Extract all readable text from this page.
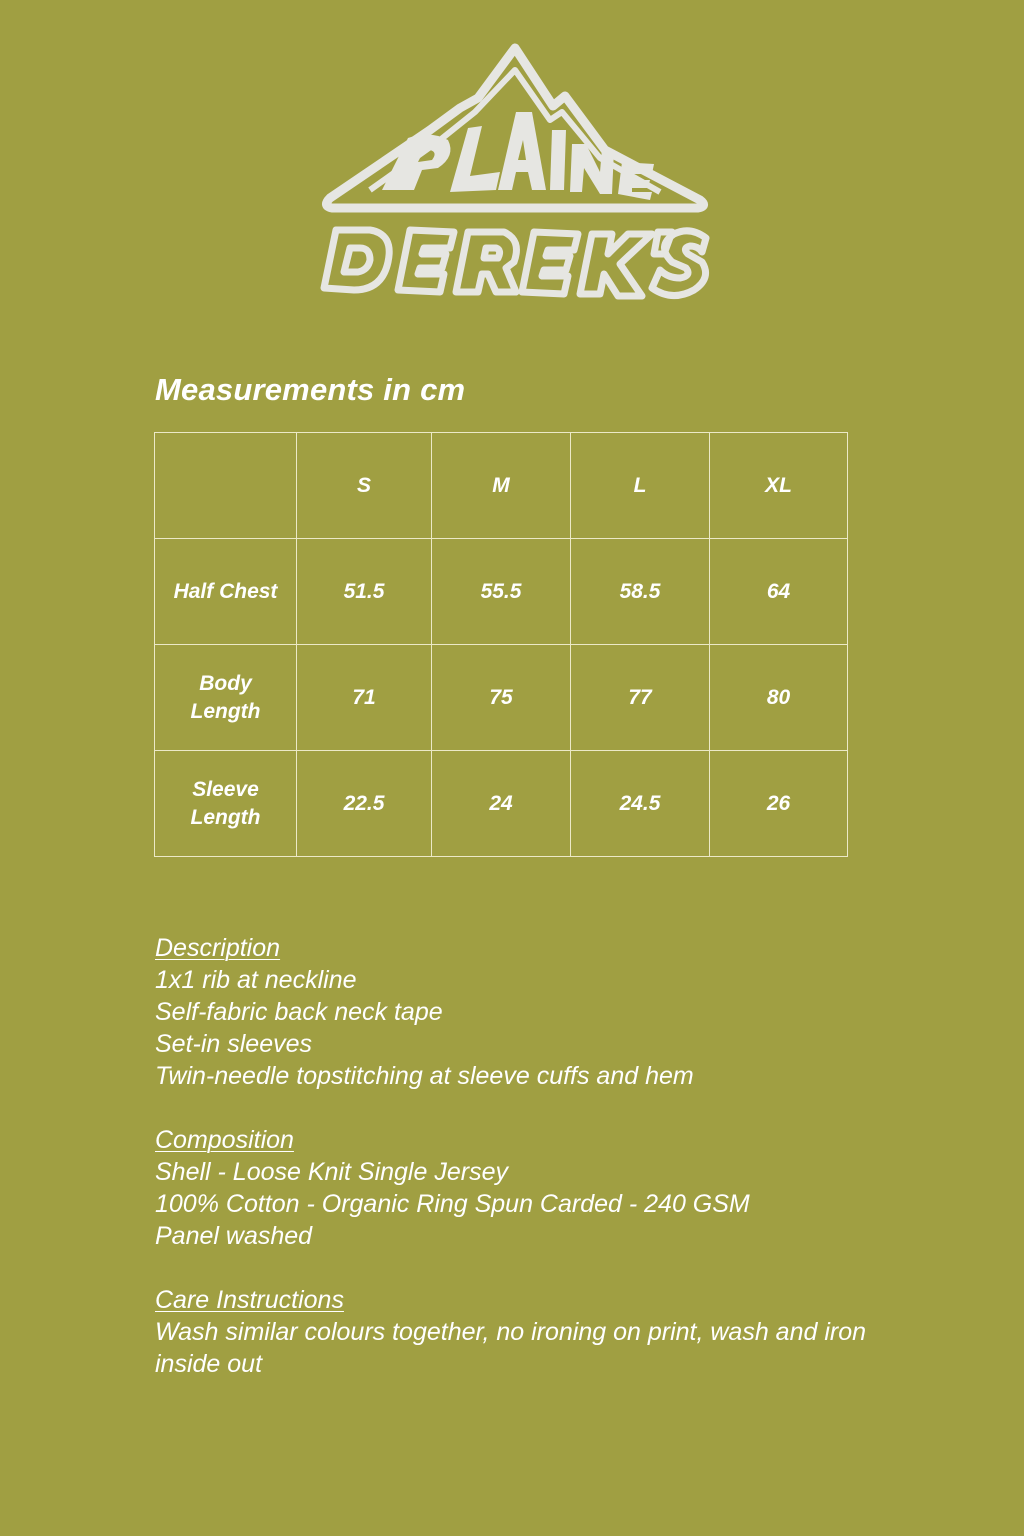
Measurements in cm
	S	M	L	XL
Half Chest	51.5	55.5	58.5	64
Body
Length	71	75	77	80
Sleeve
Length	22.5	24	24.5	26
Description
1x1 rib at neckline
Self-fabric back neck tape
Set-in sleeves
Twin-needle topstitching at sleeve cuffs and hem
Composition
Shell - Loose Knit Single Jersey
100% Cotton - Organic Ring Spun Carded - 240 GSM
Panel washed
Care Instructions
Wash similar colours together, no ironing on print, wash and iron
inside out
